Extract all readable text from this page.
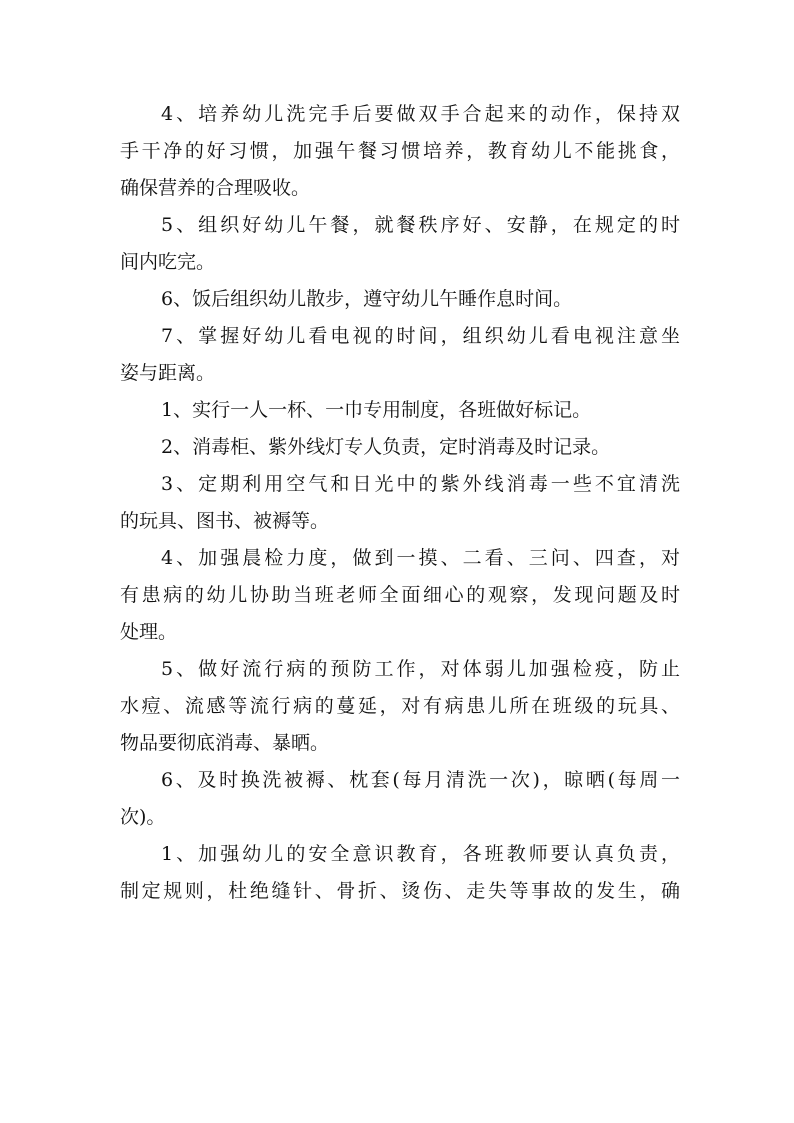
4、培养幼儿洗完手后要做双手合起来的动作，保持双
手干净的好习惯，加强午餐习惯培养，教育幼儿不能挑食，
确保营养的合理吸收。
5、组织好幼儿午餐，就餐秩序好、安静，在规定的时
间内吃完。
6、饭后组织幼儿散步，遵守幼儿午睡作息时间。
7、掌握好幼儿看电视的时间，组织幼儿看电视注意坐
姿与距离。
1、实行一人一杯、一巾专用制度，各班做好标记。
2、消毒柜、紫外线灯专人负责，定时消毒及时记录。
3、定期利用空气和日光中的紫外线消毒一些不宜清洗
的玩具、图书、被褥等。
4、加强晨检力度，做到一摸、二看、三问、四查，对
有患病的幼儿协助当班老师全面细心的观察，发现问题及时
处理。
5、做好流行病的预防工作，对体弱儿加强检疫，防止
水痘、流感等流行病的蔓延，对有病患儿所在班级的玩具、
物品要彻底消毒、暴晒。
6、及时换洗被褥、枕套(每月清洗一次)，晾晒(每周一
次)。
1、加强幼儿的安全意识教育，各班教师要认真负责，
制定规则，杜绝缝针、骨折、烫伤、走失等事故的发生，确
